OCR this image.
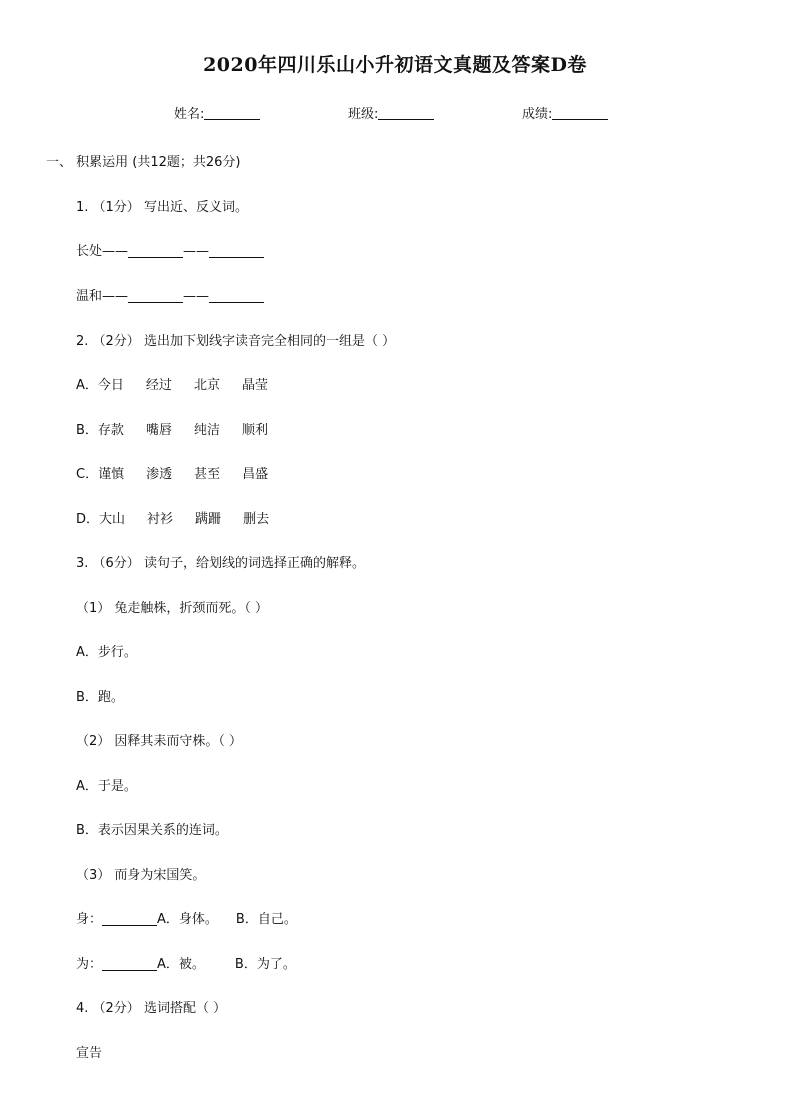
2020年四川乐山小升初语文真题及答案D卷
姓名:	班级:	成绩:
一、 积累运用 (共12题；共26分)
1. （1分） 写出近、反义词。
长处——	——
温和——	——
2. （2分） 选出加下划线字读音完全相同的一组是（ ）
A．今日 经过 北京 晶莹
B．存款 嘴唇 纯洁 顺利
C．谨慎 渗透 甚至 昌盛
D．大山 衬衫 蹒跚 删去
3. （6分） 读句子，给划线的词选择正确的解释。
（1） 兔走触株，折颈而死。（ ）
A．步行。
B．跑。
（2） 因释其耒而守株。（ ）
A．于是。
B．表示因果关系的连词。
（3） 而身为宋国笑。
身：	A．身体。 B．自己。
为：	A．被。 B．为了。
4. （2分） 选词搭配（ ）
宣告
